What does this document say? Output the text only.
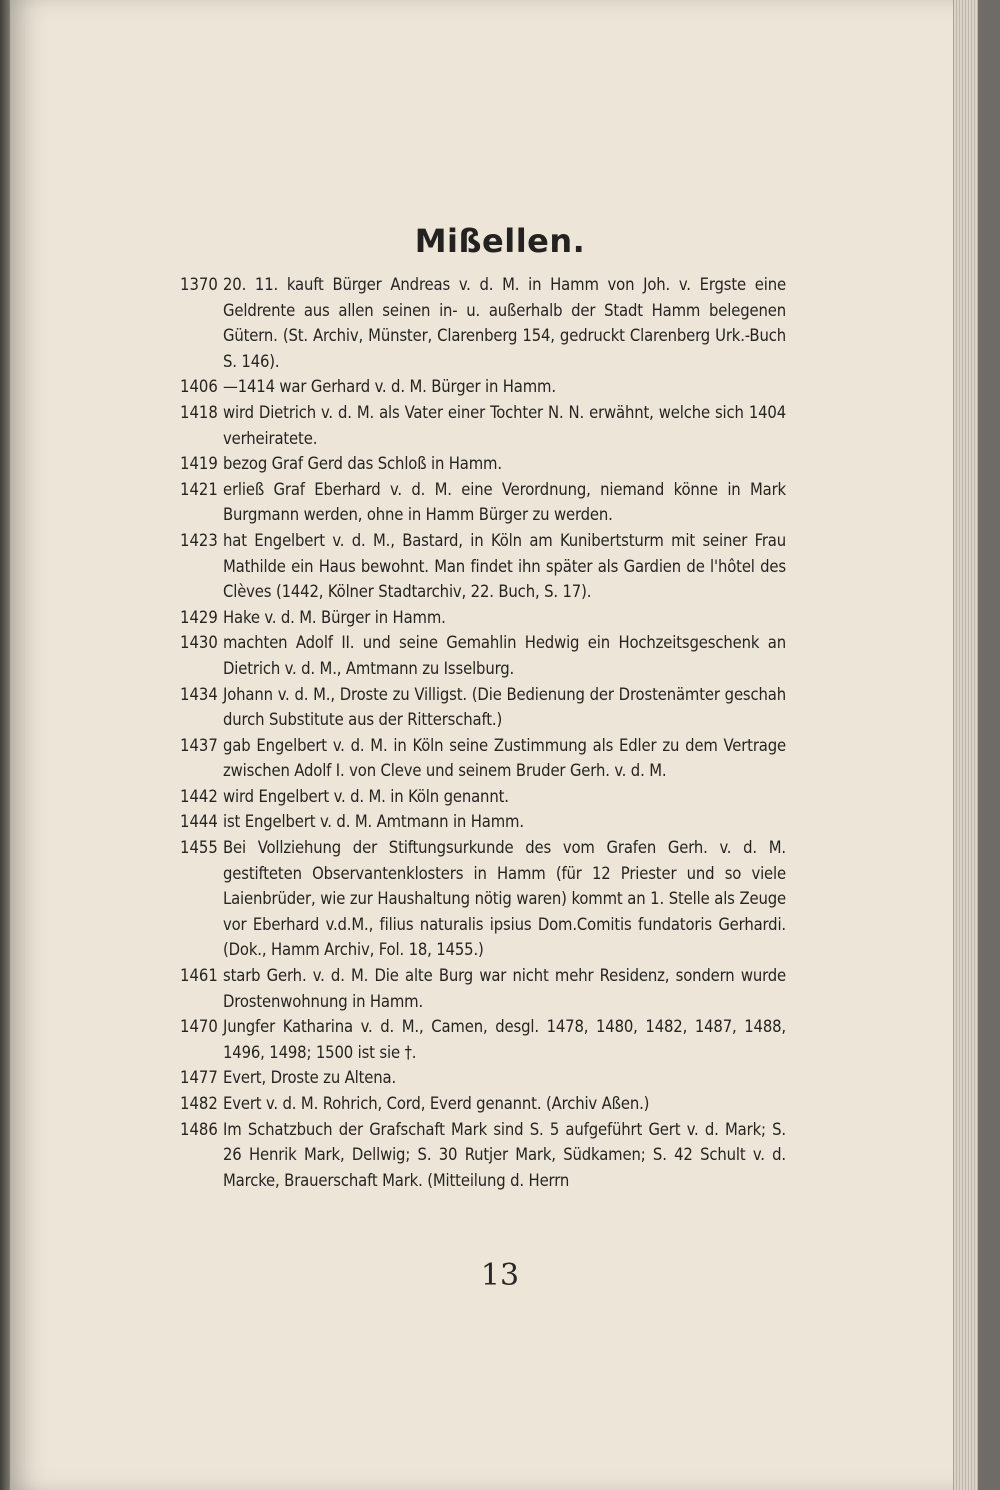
Mißellen.
1370 20. 11. kauft Bürger Andreas v. d. M. in Hamm von Joh. v. Ergste eine Geldrente aus allen seinen in- u. außerhalb der Stadt Hamm belegenen Gütern. (St. Archiv, Münster, Clarenberg 154, gedruckt Clarenberg Urk.-Buch S. 146).
1406 —1414 war Gerhard v. d. M. Bürger in Hamm.
1418 wird Dietrich v. d. M. als Vater einer Tochter N. N. erwähnt, welche sich 1404 verheiratete.
1419 bezog Graf Gerd das Schloß in Hamm.
1421 erließ Graf Eberhard v. d. M. eine Verordnung, niemand könne in Mark Burgmann werden, ohne in Hamm Bürger zu werden.
1423 hat Engelbert v. d. M., Bastard, in Köln am Kunibertsturm mit seiner Frau Mathilde ein Haus bewohnt. Man findet ihn später als Gardien de l'hôtel des Clèves (1442, Kölner Stadtarchiv, 22. Buch, S. 17).
1429 Hake v. d. M. Bürger in Hamm.
1430 machten Adolf II. und seine Gemahlin Hedwig ein Hochzeitsgeschenk an Dietrich v. d. M., Amtmann zu Isselburg.
1434 Johann v. d. M., Droste zu Villigst. (Die Bedienung der Drostenämter geschah durch Substitute aus der Ritterschaft.)
1437 gab Engelbert v. d. M. in Köln seine Zustimmung als Edler zu dem Vertrage zwischen Adolf I. von Cleve und seinem Bruder Gerh. v. d. M.
1442 wird Engelbert v. d. M. in Köln genannt.
1444 ist Engelbert v. d. M. Amtmann in Hamm.
1455 Bei Vollziehung der Stiftungsurkunde des vom Grafen Gerh. v. d. M. gestifteten Observantenklosters in Hamm (für 12 Priester und so viele Laienbrüder, wie zur Haushaltung nötig waren) kommt an 1. Stelle als Zeuge vor Eberhard v.d.M., filius naturalis ipsius Dom.Comitis fundatoris Gerhardi. (Dok., Hamm Archiv, Fol. 18, 1455.)
1461 starb Gerh. v. d. M. Die alte Burg war nicht mehr Residenz, sondern wurde Drostenwohnung in Hamm.
1470 Jungfer Katharina v. d. M., Camen, desgl. 1478, 1480, 1482, 1487, 1488, 1496, 1498; 1500 ist sie †.
1477 Evert, Droste zu Altena.
1482 Evert v. d. M. Rohrich, Cord, Everd genannt. (Archiv Aßen.)
1486 Im Schatzbuch der Grafschaft Mark sind S. 5 aufgeführt Gert v. d. Mark; S. 26 Henrik Mark, Dellwig; S. 30 Rutjer Mark, Südkamen; S. 42 Schult v. d. Marcke, Brauerschaft Mark. (Mitteilung d. Herrn
13
